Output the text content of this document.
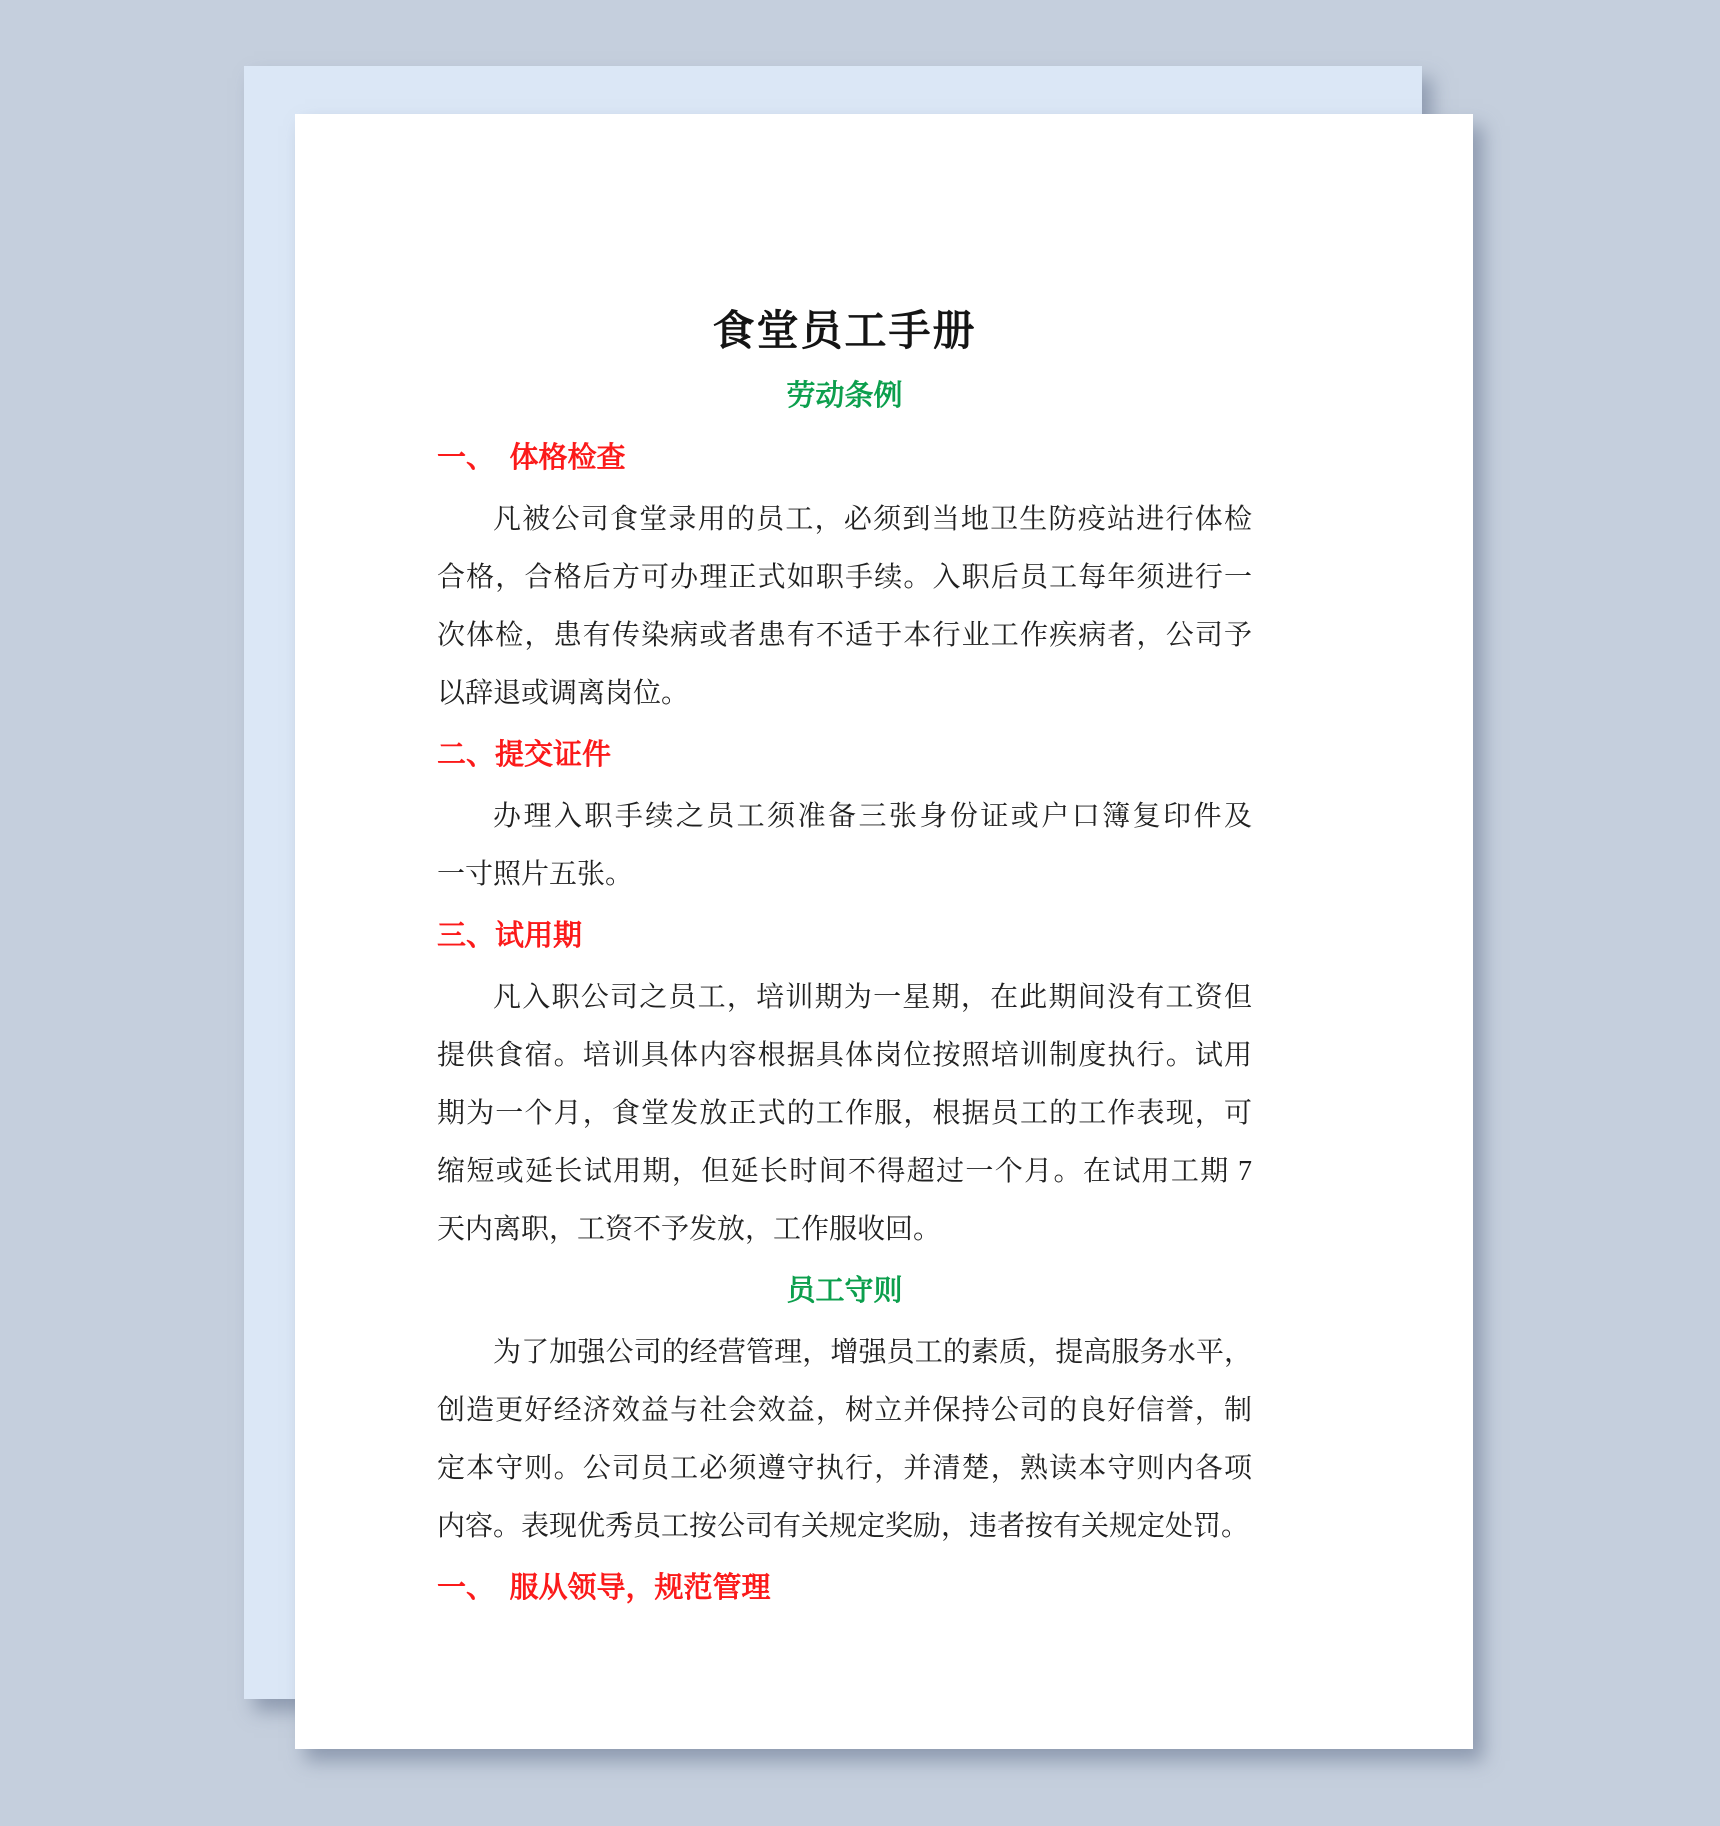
食堂员工手册
劳动条例
一、　体格检查
凡被公司食堂录用的员工，必须到当地卫生防疫站进行体检
合格，合格后方可办理正式如职手续。入职后员工每年须进行一
次体检，患有传染病或者患有不适于本行业工作疾病者，公司予
以辞退或调离岗位。
二、提交证件
办理入职手续之员工须准备三张身份证或户口簿复印件及
一寸照片五张。
三、试用期
凡入职公司之员工，培训期为一星期，在此期间没有工资但
提供食宿。培训具体内容根据具体岗位按照培训制度执行。试用
期为一个月，食堂发放正式的工作服，根据员工的工作表现，可
缩短或延长试用期，但延长时间不得超过一个月。在试用工期 7
天内离职，工资不予发放，工作服收回。
员工守则
为了加强公司的经营管理，增强员工的素质，提高服务水平，
创造更好经济效益与社会效益，树立并保持公司的良好信誉，制
定本守则。公司员工必须遵守执行，并清楚，熟读本守则内各项
内容。表现优秀员工按公司有关规定奖励，违者按有关规定处罚。
一、　服从领导，规范管理
